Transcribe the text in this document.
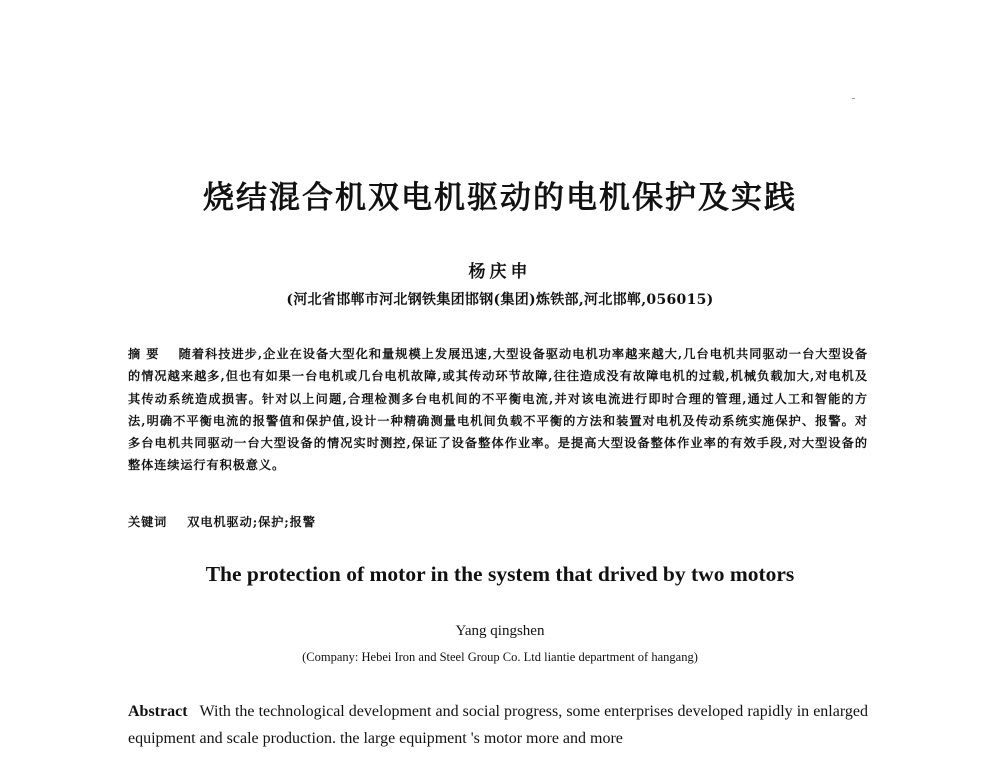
烧结混合机双电机驱动的电机保护及实践
杨庆申
(河北省邯郸市河北钢铁集团邯钢(集团)炼铁部,河北邯郸,056015)
摘要 随着科技进步,企业在设备大型化和量规模上发展迅速,大型设备驱动电机功率越来越大,几台电机共同驱动一台大型设备的情况越来越多,但也有如果一台电机或几台电机故障,或其传动环节故障,往往造成没有故障电机的过载,机械负载加大,对电机及其传动系统造成损害。针对以上问题,合理检测多台电机间的不平衡电流,并对该电流进行即时合理的管理,通过人工和智能的方法,明确不平衡电流的报警值和保护值,设计一种精确测量电机间负载不平衡的方法和装置对电机及传动系统实施保护、报警。对多台电机共同驱动一台大型设备的情况实时测控,保证了设备整体作业率。是提高大型设备整体作业率的有效手段,对大型设备的整体连续运行有积极意义。
关键词 双电机驱动;保护;报警
The protection of motor in the system that drived by two motors
Yang qingshen
(Company: Hebei Iron and Steel Group Co. Ltd liantie department of hangang)
Abstract With the technological development and social progress, some enterprises developed rapidly in enlarged equipment and scale production. the large equipment 's motor more and more
